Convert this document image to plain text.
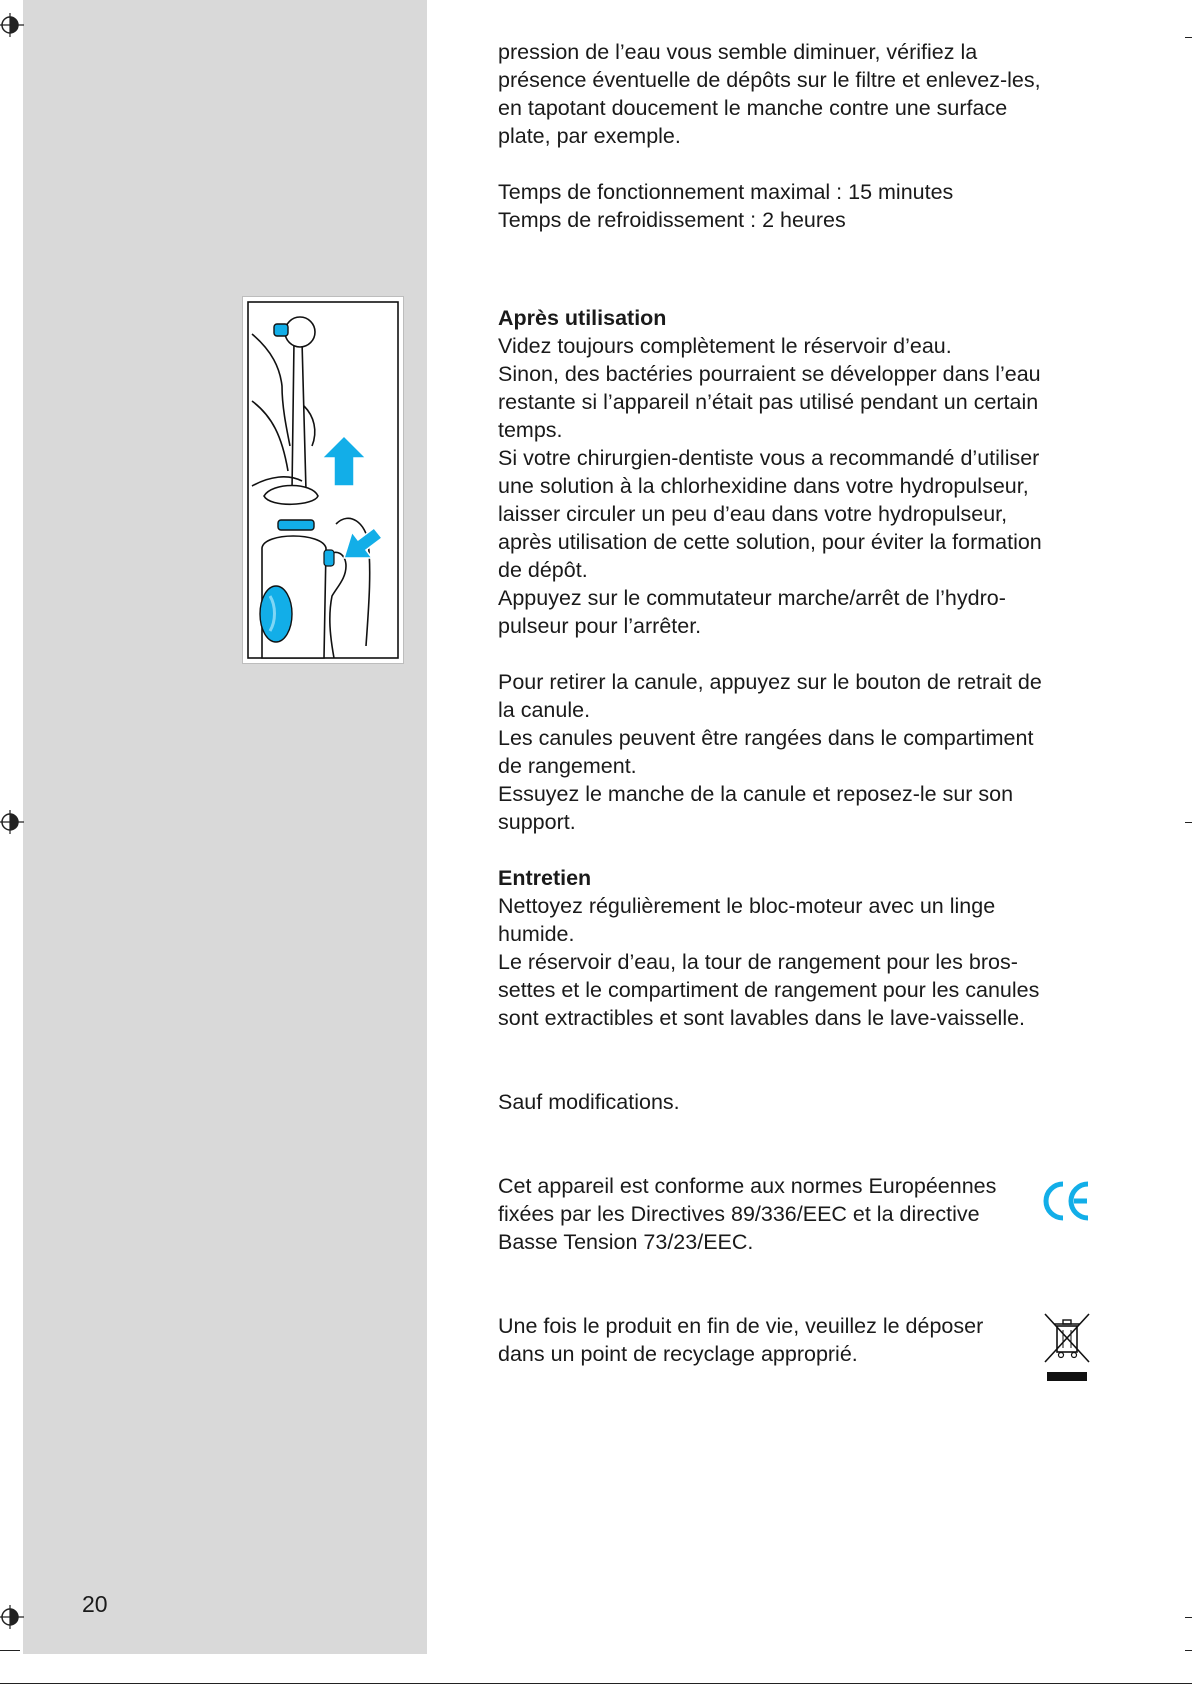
20
pression de l’eau vous semble diminuer, vérifiez la
présence éventuelle de dépôts sur le filtre et enlevez-les,
en tapotant doucement le manche contre une surface
plate, par exemple.
Temps de fonctionnement maximal : 15 minutes
Temps de refroidissement : 2 heures
Après utilisation
Videz toujours complètement le réservoir d’eau.
Sinon, des bactéries pourraient se développer dans l’eau
restante si l’appareil n’était pas utilisé pendant un certain
temps.
Si votre chirurgien-dentiste vous a recommandé d’utiliser
une solution à la chlorhexidine dans votre hydropulseur,
laisser circuler un peu d’eau dans votre hydropulseur,
après utilisation de cette solution, pour éviter la formation
de dépôt.
Appuyez sur le commutateur marche/arrêt de l’hydro-
pulseur pour l’arrêter.
Pour retirer la canule, appuyez sur le bouton de retrait de
la canule.
Les canules peuvent être rangées dans le compartiment
de rangement.
Essuyez le manche de la canule et reposez-le sur son
support.
Entretien
Nettoyez régulièrement le bloc-moteur avec un linge
humide.
Le réservoir d’eau, la tour de rangement pour les bros-
settes et le compartiment de rangement pour les canules
sont extractibles et sont lavables dans le lave-vaisselle.

Sauf modifications.

Cet appareil est conforme aux normes Européennes
fixées par les Directives 89/336/EEC et la directive
Basse Tension 73/23/EEC.
Une fois le produit en fin de vie, veuillez le déposer
dans un point de recyclage approprié.
